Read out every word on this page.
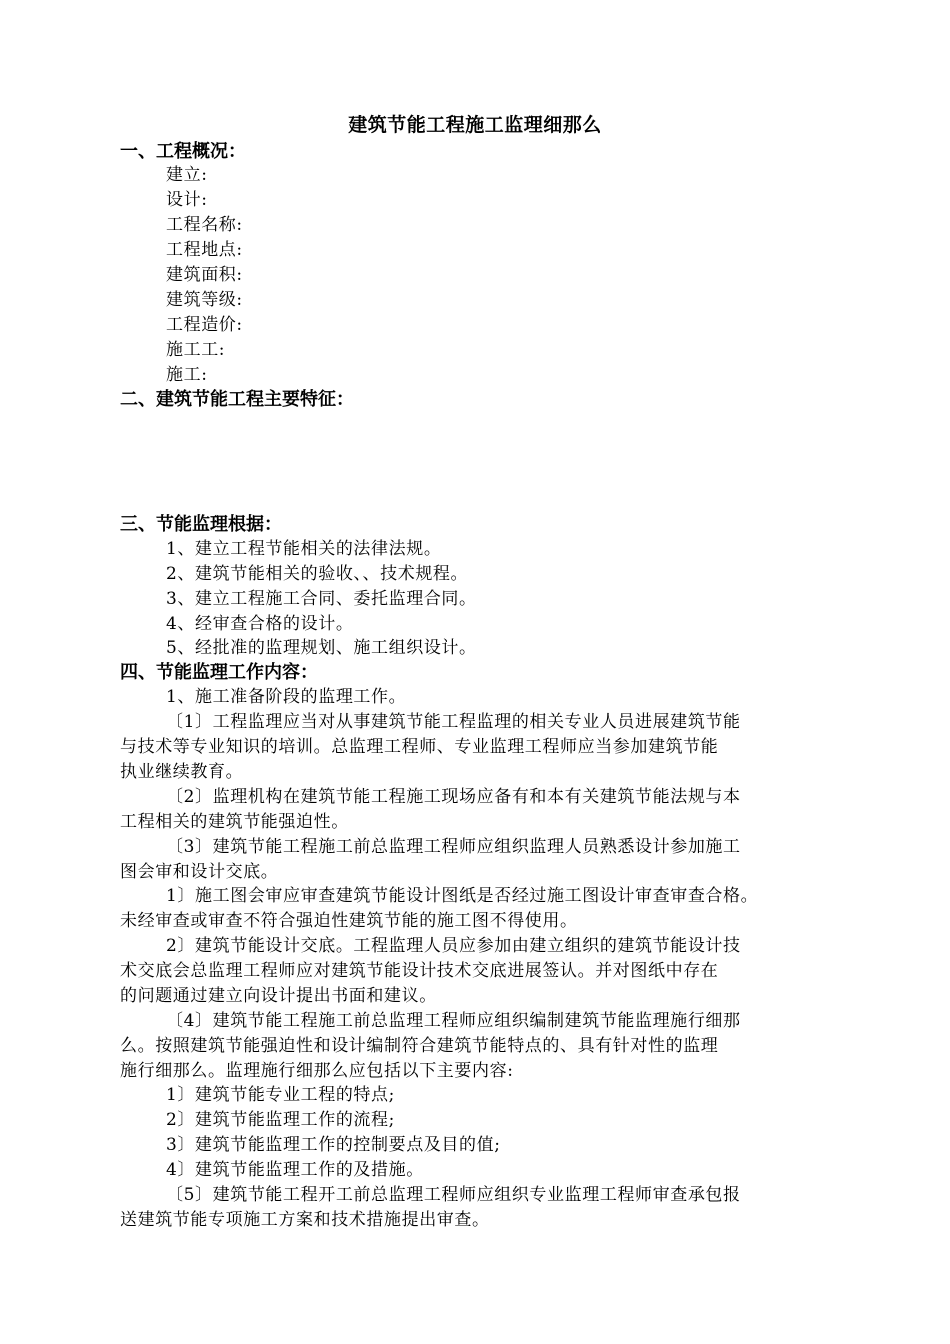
建筑节能工程施工监理细那么
一、工程概况：
建立:
设计:
工程名称:
工程地点:
建筑面积:
建筑等级:
工程造价:
施工工:
施工:
二、建筑节能工程主要特征：
三、节能监理根据：
1、建立工程节能相关的法律法规。
2、建筑节能相关的验收、、技术规程。
3、建立工程施工合同、委托监理合同。
4、经审查合格的设计。
5、经批准的监理规划、施工组织设计。
四、节能监理工作内容：
1、施工准备阶段的监理工作。
〔1〕工程监理应当对从事建筑节能工程监理的相关专业人员进展建筑节能
与技术等专业知识的培训。总监理工程师、专业监理工程师应当参加建筑节能
执业继续教育。
〔2〕监理机构在建筑节能工程施工现场应备有和本有关建筑节能法规与本
工程相关的建筑节能强迫性。
〔3〕建筑节能工程施工前总监理工程师应组织监理人员熟悉设计参加施工
图会审和设计交底。
1〕施工图会审应审查建筑节能设计图纸是否经过施工图设计审查审查合格。
未经审查或审查不符合强迫性建筑节能的施工图不得使用。
2〕建筑节能设计交底。工程监理人员应参加由建立组织的建筑节能设计技
术交底会总监理工程师应对建筑节能设计技术交底进展签认。并对图纸中存在
的问题通过建立向设计提出书面和建议。
〔4〕建筑节能工程施工前总监理工程师应组织编制建筑节能监理施行细那
么。按照建筑节能强迫性和设计编制符合建筑节能特点的、具有针对性的监理
施行细那么。监理施行细那么应包括以下主要内容:
1〕建筑节能专业工程的特点;
2〕建筑节能监理工作的流程;
3〕建筑节能监理工作的控制要点及目的值;
4〕建筑节能监理工作的及措施。
〔5〕建筑节能工程开工前总监理工程师应组织专业监理工程师审查承包报
送建筑节能专项施工方案和技术措施提出审查。
